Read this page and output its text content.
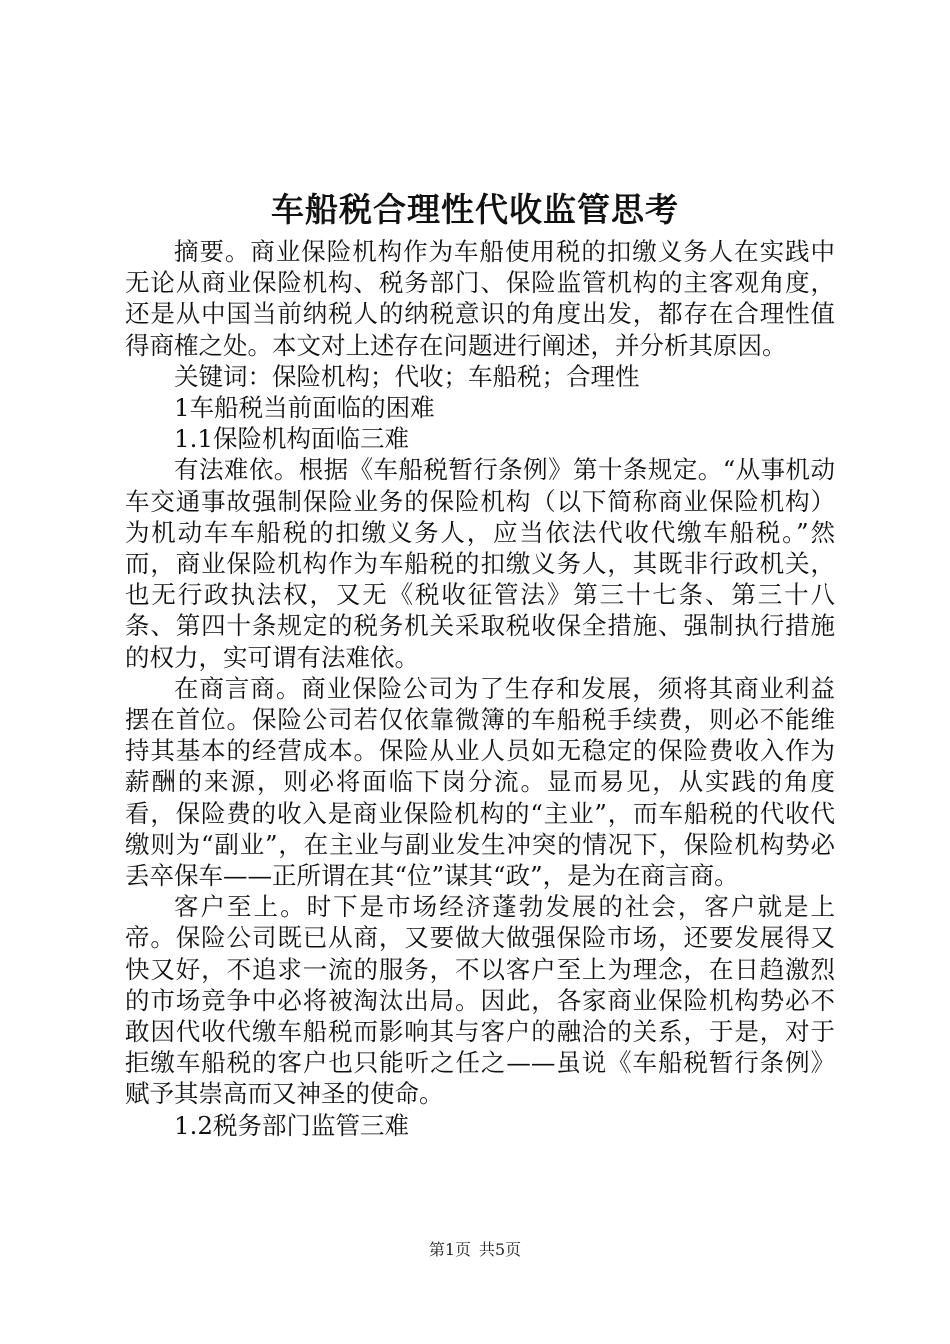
车船税合理性代收监管思考

摘要。商业保险机构作为车船使用税的扣缴义务人在实践中无论从商业保险机构、税务部门、保险监管机构的主客观角度，还是从中国当前纳税人的纳税意识的角度出发，都存在合理性值得商榷之处。本文对上述存在问题进行阐述，并分析其原因。

关键词：保险机构；代收；车船税；合理性

1车船税当前面临的困难

1.1保险机构面临三难

有法难依。根据《车船税暂行条例》第十条规定。“从事机动车交通事故强制保险业务的保险机构（以下简称商业保险机构）为机动车车船税的扣缴义务人，应当依法代收代缴车船税。”然而，商业保险机构作为车船税的扣缴义务人，其既非行政机关，也无行政执法权，又无《税收征管法》第三十七条、第三十八条、第四十条规定的税务机关采取税收保全措施、强制执行措施的权力，实可谓有法难依。

在商言商。商业保险公司为了生存和发展，须将其商业利益摆在首位。保险公司若仅依靠微簿的车船税手续费，则必不能维持其基本的经营成本。保险从业人员如无稳定的保险费收入作为薪酬的来源，则必将面临下岗分流。显而易见，从实践的角度看，保险费的收入是商业保险机构的“主业”，而车船税的代收代缴则为“副业”，在主业与副业发生冲突的情况下，保险机构势必丢卒保车——正所谓在其“位”谋其“政”，是为在商言商。

客户至上。时下是市场经济蓬勃发展的社会，客户就是上帝。保险公司既已从商，又要做大做强保险市场，还要发展得又快又好，不追求一流的服务，不以客户至上为理念，在日趋激烈的市场竞争中必将被淘汰出局。因此，各家商业保险机构势必不敢因代收代缴车船税而影响其与客户的融洽的关系，于是，对于拒缴车船税的客户也只能听之任之——虽说《车船税暂行条例》赋予其崇高而又神圣的使命。

1.2税务部门监管三难

第1页 共5页
